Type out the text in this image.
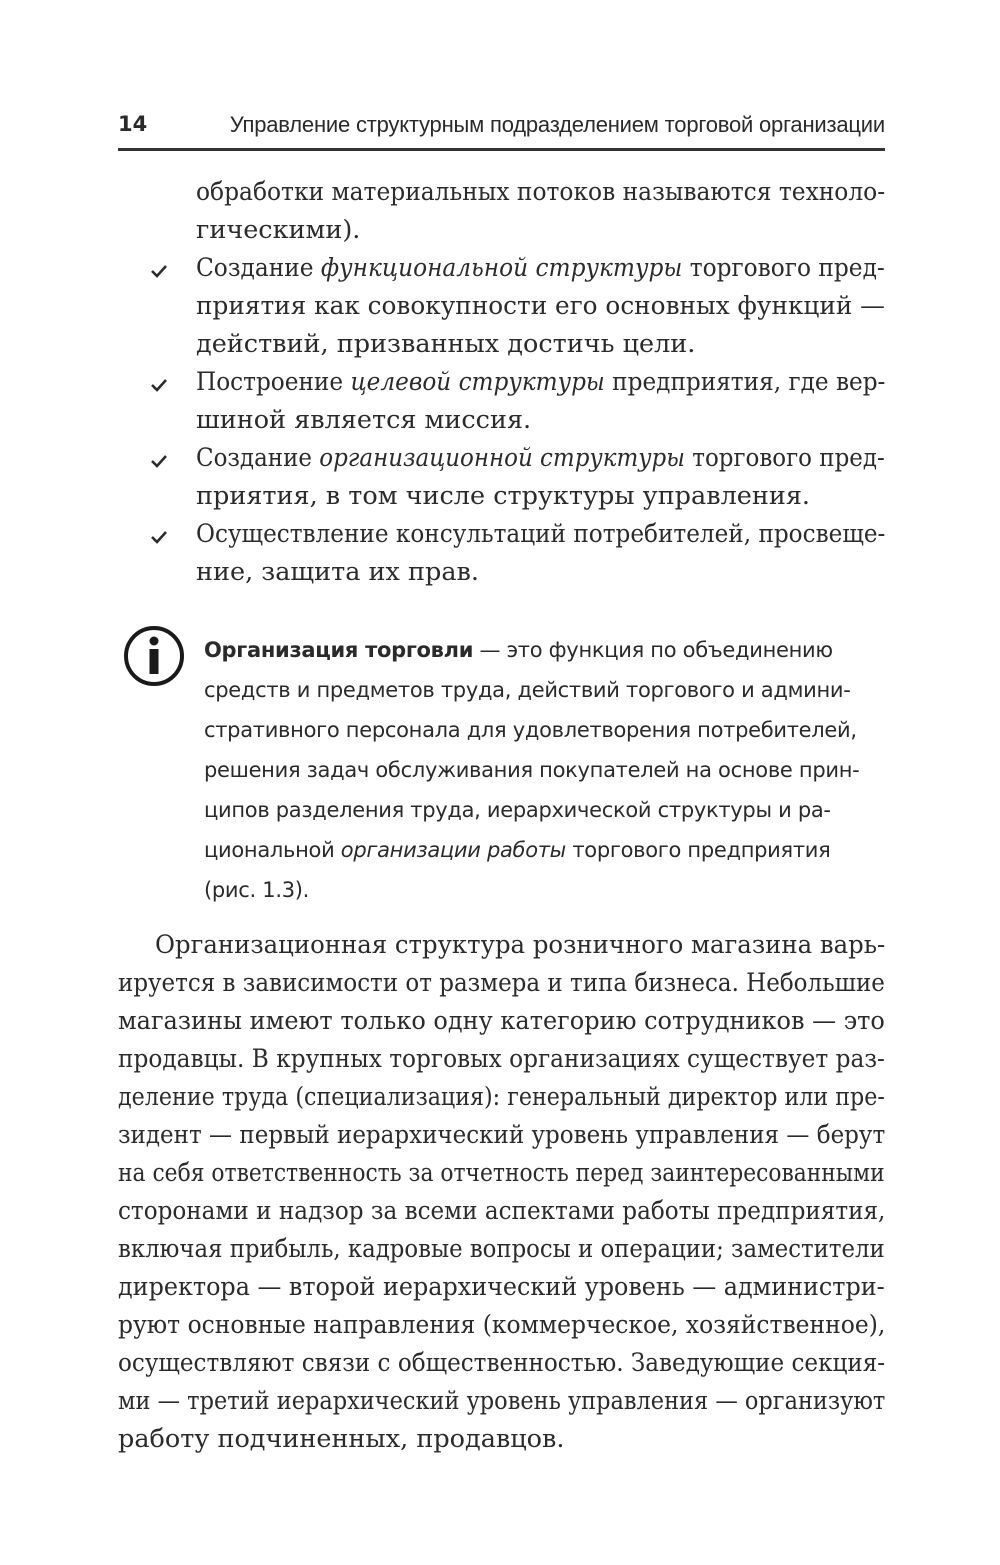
14	Управление структурным подразделением торговой организации
обработки материальных потоков называются техноло-
гическими).
Создание функциональной структуры торгового пред-
приятия как совокупности его основных функций —
действий, призванных достичь цели.
Построение целевой структуры предприятия, где вер-
шиной является миссия.
Создание организационной структуры торгового пред-
приятия, в том числе структуры управления.
Осуществление консультаций потребителей, просвеще-
ние, защита их прав.
Организация торговли — это функция по объединению
средств и предметов труда, действий торгового и админи-
стративного персонала для удовлетворения потребителей,
решения задач обслуживания покупателей на основе прин-
ципов разделения труда, иерархической структуры и ра-
циональной организации работы торгового предприятия
(рис. 1.3).
Организационная структура розничного магазина варь-
ируется в зависимости от размера и типа бизнеса. Небольшие
магазины имеют только одну категорию сотрудников — это
продавцы. В крупных торговых организациях существует раз-
деление труда (специализация): генеральный директор или пре-
зидент — первый иерархический уровень управления — берут
на себя ответственность за отчетность перед заинтересованными
сторонами и надзор за всеми аспектами работы предприятия,
включая прибыль, кадровые вопросы и операции; заместители
директора — второй иерархический уровень — администри-
руют основные направления (коммерческое, хозяйственное),
осуществляют связи с общественностью. Заведующие секция-
ми — третий иерархический уровень управления — организуют
работу подчиненных, продавцов.
